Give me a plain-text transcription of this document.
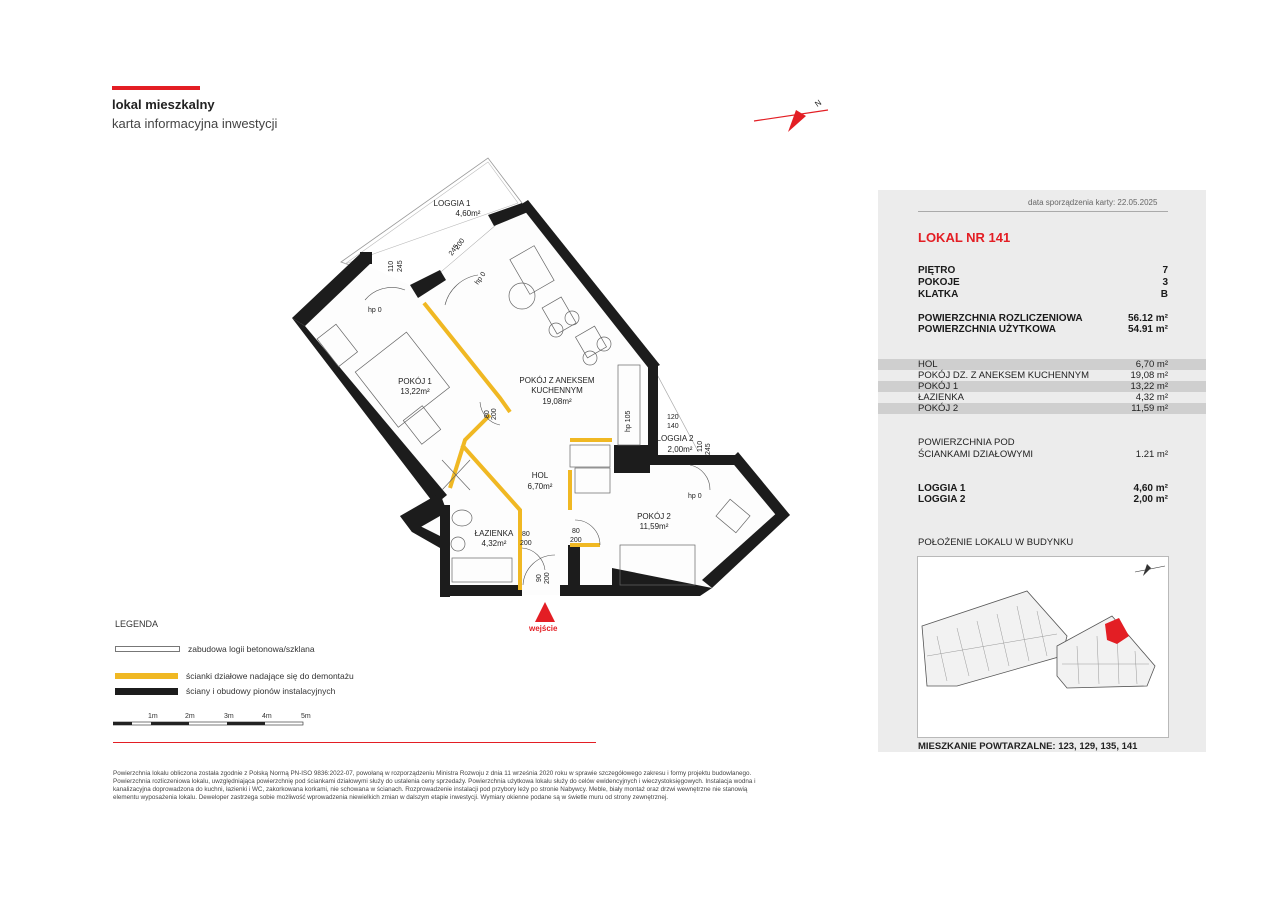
lokal mieszkalny
karta informacyjna inwestycji
N
LOGGIA 1
4,60m²
POKÓJ 1
13,22m²
POKÓJ Z ANEKSEM
KUCHENNYM
19,08m²
LOGGIA 2
2,00m²
HOL
6,70m²
ŁAZIENKA
4,32m²
POKÓJ 2
11,59m²
110 245
200
245
hp 0
hp 0
80 200	120
140
110 245
hp 105
hp 0
80
200
80
200
90 200
wejście
LEGENDA
zabudowa logii betonowa/szklana
ścianki działowe nadające się do demontażu
ściany i obudowy pionów instalacyjnych
1m	2m	3m	4m	5m
Powierzchnia lokalu obliczona została zgodnie z Polską Normą PN-ISO 9836:2022-07, powołaną w rozporządzeniu Ministra Rozwoju z dnia 11 września 2020 roku w sprawie szczegółowego zakresu i formy projektu budowlanego. Powierzchnia rozliczeniowa lokalu, uwzględniająca powierzchnię pod ściankami działowymi służy do ustalenia ceny sprzedaży. Powierzchnia użytkowa lokalu służy do celów ewidencyjnych i wieczystoksięgowych. Instalacja wodna i kanalizacyjna doprowadzona do kuchni, łazienki i WC, zakorkowana korkami, nie schowana w ścianach. Rozprowadzenie instalacji pod przybory leży po stronie Nabywcy. Meble, biały montaż oraz drzwi wewnętrzne nie stanowią elementu wyposażenia lokalu. Deweloper zastrzega sobie możliwość wprowadzenia niewielkich zmian w dalszym etapie inwestycji. Wymiary okienne podane są w świetle muru od strony zewnętrznej.
data sporządzenia karty: 22.05.2025
LOKAL NR 141
PIĘTRO	7
POKOJE	3
KLATKA	B
POWIERZCHNIA ROZLICZENIOWA	56.12 m²
POWIERZCHNIA UŻYTKOWA	54.91 m²
HOL	6,70 m²
POKÓJ DZ. Z ANEKSEM KUCHENNYM	19,08 m²
POKÓJ 1	13,22 m²
ŁAZIENKA	4,32 m²
POKÓJ 2	11,59 m²
POWIERZCHNIA POD
ŚCIANKAMI DZIAŁOWYMI	1.21 m²
LOGGIA 1	4,60 m²
LOGGIA 2	2,00 m²
POŁOŻENIE LOKALU W BUDYNKU
MIESZKANIE POWTARZALNE: 123, 129, 135, 141
